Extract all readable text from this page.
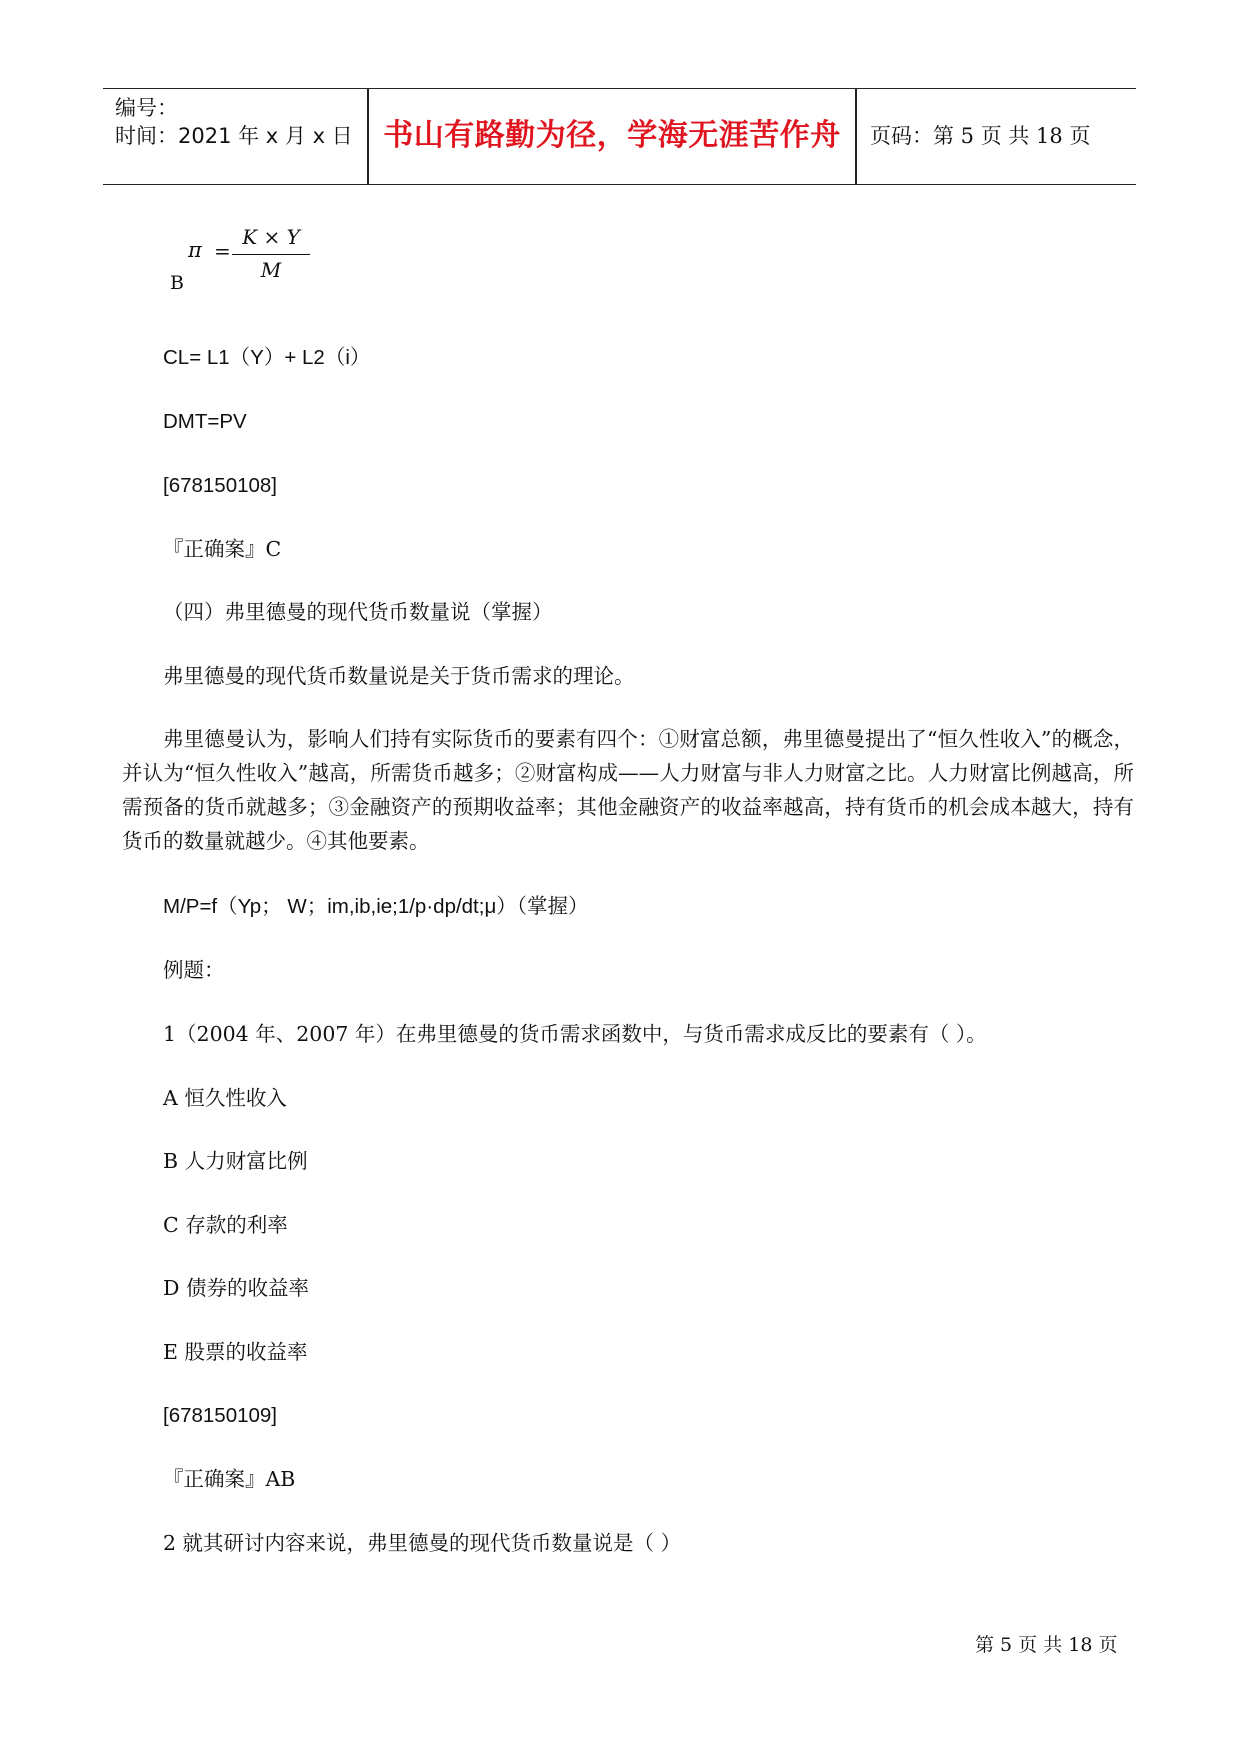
编号：
时间：2021 年 x 月 x 日	书山有路勤为径，学海无涯苦作舟	页码：第 5 页 共 18 页
B
π =
K × Y
M
CL= L1（Y）+ L2（i）
DMT=PV
[678150108]
『正确案』C
（四）弗里德曼的现代货币数量说（掌握）
弗里德曼的现代货币数量说是关于货币需求的理论。
弗里德曼认为，影响人们持有实际货币的要素有四个：①财富总额，弗里德曼提出了“恒久性收入”的概念，并认为“恒久性收入”越高，所需货币越多；②财富构成——人力财富与非人力财富之比。人力财富比例越高，所需预备的货币就越多；③金融资产的预期收益率；其他金融资产的收益率越高，持有货币的机会成本越大，持有货币的数量就越少。④其他要素。
M/P=f（Yp； W；im,ib,ie;1/p·dp/dt;μ）（掌握）
例题：
1（2004 年、2007 年）在弗里德曼的货币需求函数中，与货币需求成反比的要素有（ ）。
A 恒久性收入
B 人力财富比例
C 存款的利率
D 债券的收益率
E 股票的收益率
[678150109]
『正确案』AB
2 就其研讨内容来说，弗里德曼的现代货币数量说是（ ）
第 5 页 共 18 页
